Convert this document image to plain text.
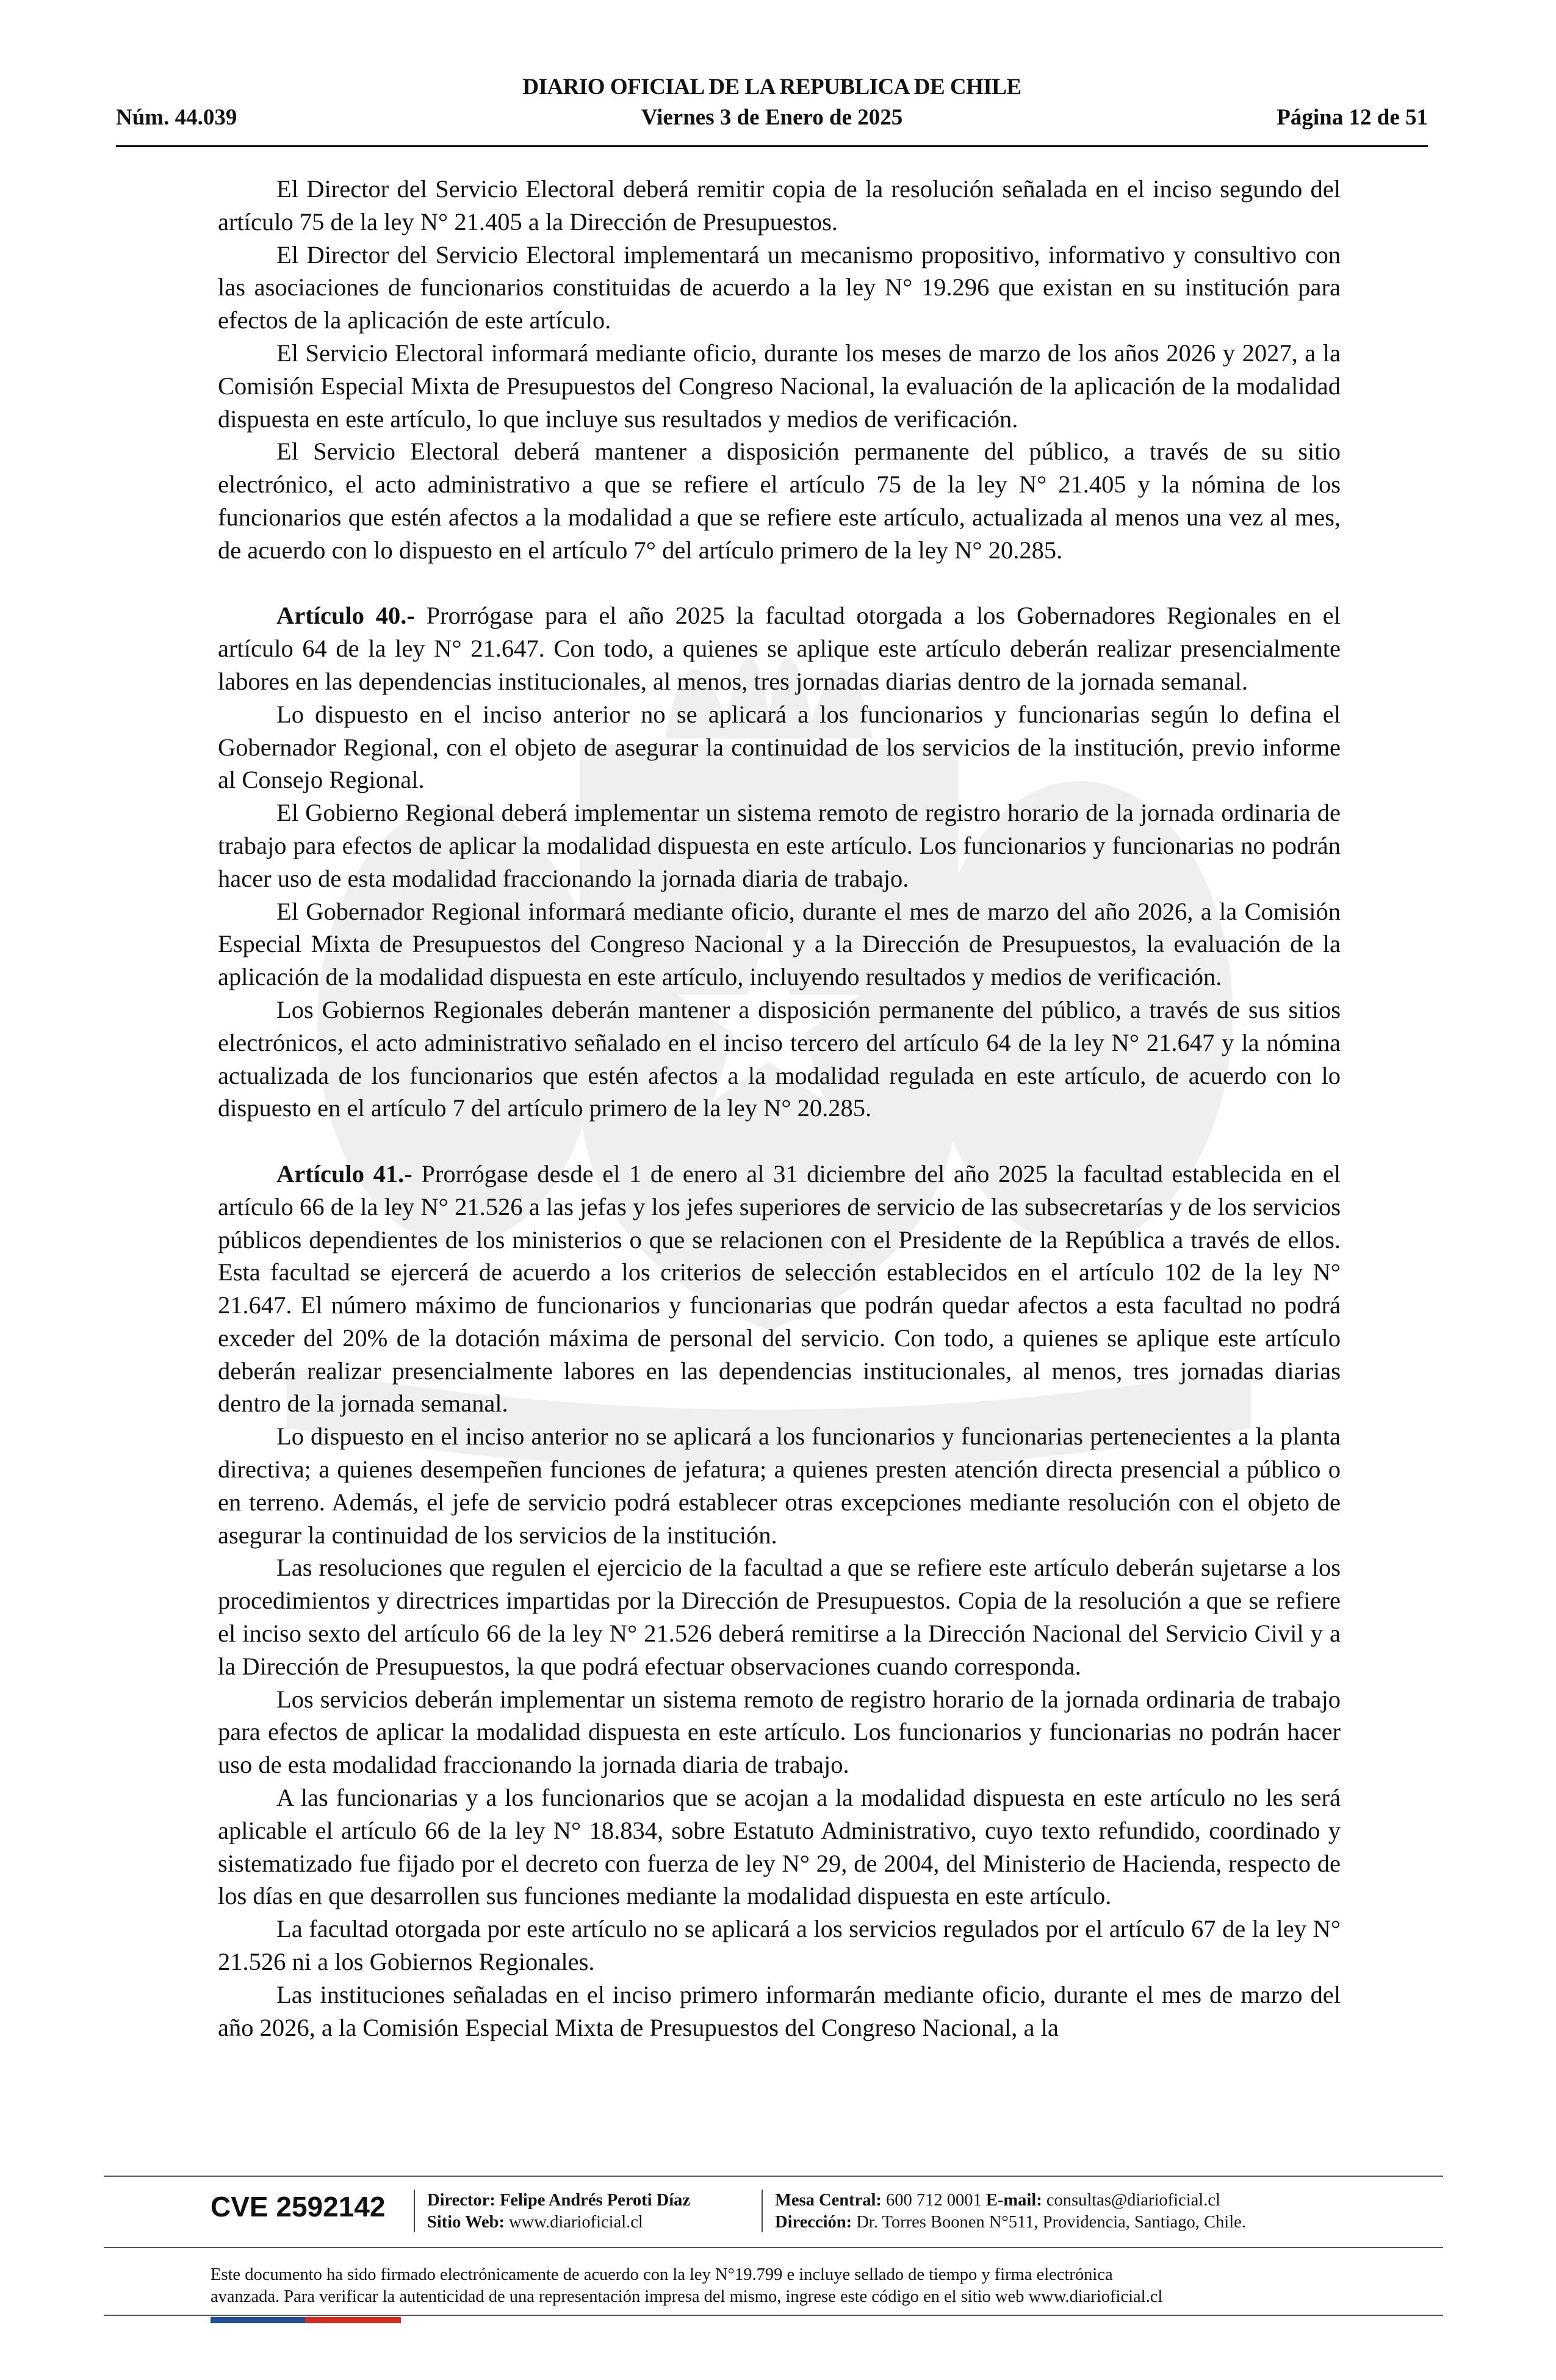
DIARIO OFICIAL DE LA REPUBLICA DE CHILE
Núm. 44.039	Viernes 3 de Enero de 2025	Página 12 de 51

El Director del Servicio Electoral deberá remitir copia de la resolución señalada en el inciso segundo del artículo 75 de la ley N° 21.405 a la Dirección de Presupuestos.

El Director del Servicio Electoral implementará un mecanismo propositivo, informativo y consultivo con las asociaciones de funcionarios constituidas de acuerdo a la ley N° 19.296 que existan en su institución para efectos de la aplicación de este artículo.

El Servicio Electoral informará mediante oficio, durante los meses de marzo de los años 2026 y 2027, a la Comisión Especial Mixta de Presupuestos del Congreso Nacional, la evaluación de la aplicación de la modalidad dispuesta en este artículo, lo que incluye sus resultados y medios de verificación.

El Servicio Electoral deberá mantener a disposición permanente del público, a través de su sitio electrónico, el acto administrativo a que se refiere el artículo 75 de la ley N° 21.405 y la nómina de los funcionarios que estén afectos a la modalidad a que se refiere este artículo, actualizada al menos una vez al mes, de acuerdo con lo dispuesto en el artículo 7° del artículo primero de la ley N° 20.285.

Artículo 40.- Prorrógase para el año 2025 la facultad otorgada a los Gobernadores Regionales en el artículo 64 de la ley N° 21.647. Con todo, a quienes se aplique este artículo deberán realizar presencialmente labores en las dependencias institucionales, al menos, tres jornadas diarias dentro de la jornada semanal.

Lo dispuesto en el inciso anterior no se aplicará a los funcionarios y funcionarias según lo defina el Gobernador Regional, con el objeto de asegurar la continuidad de los servicios de la institución, previo informe al Consejo Regional.

El Gobierno Regional deberá implementar un sistema remoto de registro horario de la jornada ordinaria de trabajo para efectos de aplicar la modalidad dispuesta en este artículo. Los funcionarios y funcionarias no podrán hacer uso de esta modalidad fraccionando la jornada diaria de trabajo.

El Gobernador Regional informará mediante oficio, durante el mes de marzo del año 2026, a la Comisión Especial Mixta de Presupuestos del Congreso Nacional y a la Dirección de Presupuestos, la evaluación de la aplicación de la modalidad dispuesta en este artículo, incluyendo resultados y medios de verificación.

Los Gobiernos Regionales deberán mantener a disposición permanente del público, a través de sus sitios electrónicos, el acto administrativo señalado en el inciso tercero del artículo 64 de la ley N° 21.647 y la nómina actualizada de los funcionarios que estén afectos a la modalidad regulada en este artículo, de acuerdo con lo dispuesto en el artículo 7 del artículo primero de la ley N° 20.285.

Artículo 41.- Prorrógase desde el 1 de enero al 31 diciembre del año 2025 la facultad establecida en el artículo 66 de la ley N° 21.526 a las jefas y los jefes superiores de servicio de las subsecretarías y de los servicios públicos dependientes de los ministerios o que se relacionen con el Presidente de la República a través de ellos. Esta facultad se ejercerá de acuerdo a los criterios de selección establecidos en el artículo 102 de la ley N° 21.647. El número máximo de funcionarios y funcionarias que podrán quedar afectos a esta facultad no podrá exceder del 20% de la dotación máxima de personal del servicio. Con todo, a quienes se aplique este artículo deberán realizar presencialmente labores en las dependencias institucionales, al menos, tres jornadas diarias dentro de la jornada semanal.

Lo dispuesto en el inciso anterior no se aplicará a los funcionarios y funcionarias pertenecientes a la planta directiva; a quienes desempeñen funciones de jefatura; a quienes presten atención directa presencial a público o en terreno. Además, el jefe de servicio podrá establecer otras excepciones mediante resolución con el objeto de asegurar la continuidad de los servicios de la institución.

Las resoluciones que regulen el ejercicio de la facultad a que se refiere este artículo deberán sujetarse a los procedimientos y directrices impartidas por la Dirección de Presupuestos. Copia de la resolución a que se refiere el inciso sexto del artículo 66 de la ley N° 21.526 deberá remitirse a la Dirección Nacional del Servicio Civil y a la Dirección de Presupuestos, la que podrá efectuar observaciones cuando corresponda.

Los servicios deberán implementar un sistema remoto de registro horario de la jornada ordinaria de trabajo para efectos de aplicar la modalidad dispuesta en este artículo. Los funcionarios y funcionarias no podrán hacer uso de esta modalidad fraccionando la jornada diaria de trabajo.

A las funcionarias y a los funcionarios que se acojan a la modalidad dispuesta en este artículo no les será aplicable el artículo 66 de la ley N° 18.834, sobre Estatuto Administrativo, cuyo texto refundido, coordinado y sistematizado fue fijado por el decreto con fuerza de ley N° 29, de 2004, del Ministerio de Hacienda, respecto de los días en que desarrollen sus funciones mediante la modalidad dispuesta en este artículo.

La facultad otorgada por este artículo no se aplicará a los servicios regulados por el artículo 67 de la ley N° 21.526 ni a los Gobiernos Regionales.

Las instituciones señaladas en el inciso primero informarán mediante oficio, durante el mes de marzo del año 2026, a la Comisión Especial Mixta de Presupuestos del Congreso Nacional, a la

CVE 2592142 Director: Felipe Andrés Peroti Díaz
Sitio Web: www.diarioficial.cl
Mesa Central: 600 712 0001 E-mail: consultas@diarioficial.cl
Dirección: Dr. Torres Boonen N°511, Providencia, Santiago, Chile.
Este documento ha sido firmado electrónicamente de acuerdo con la ley N°19.799 e incluye sellado de tiempo y firma electrónica
avanzada. Para verificar la autenticidad de una representación impresa del mismo, ingrese este código en el sitio web www.diarioficial.cl
